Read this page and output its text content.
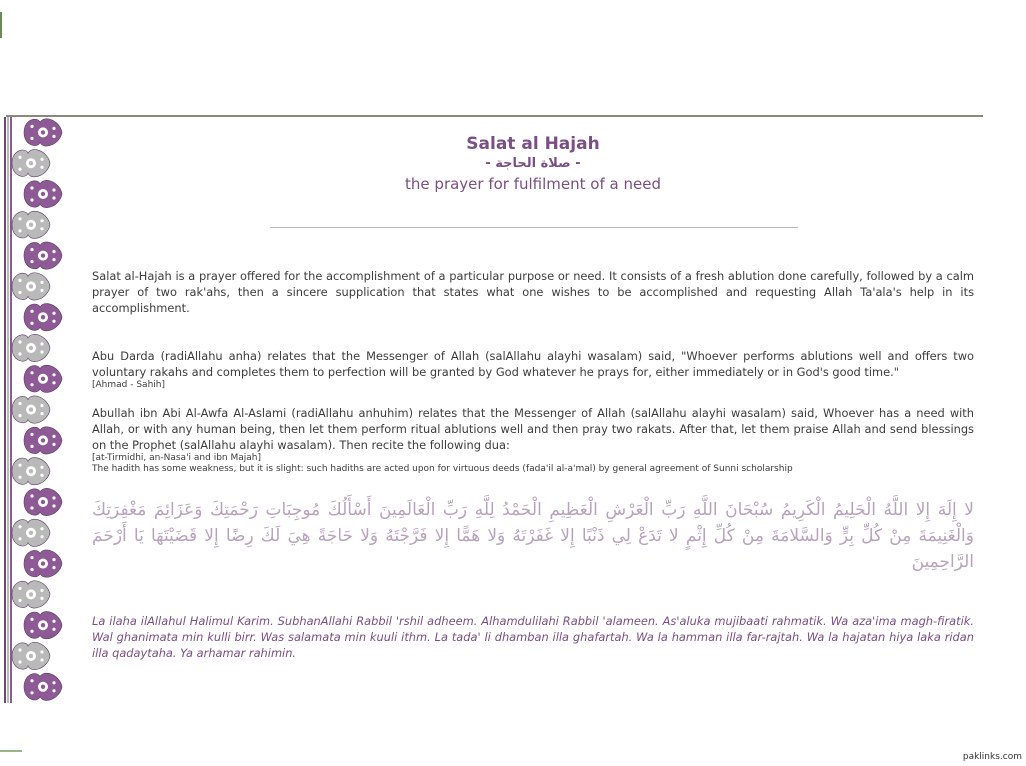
Salat al Hajah
- صلاة الحاجة -
the prayer for fulfilment of a need

Salat al-Hajah is a prayer offered for the accomplishment of a particular purpose or need. It consists of a fresh ablution done carefully, followed by a calm prayer of two rak'ahs, then a sincere supplication that states what one wishes to be accomplished and requesting Allah Ta'ala's help in its accomplishment.

Abu Darda (radiAllahu anha) relates that the Messenger of Allah (salAllahu alayhi wasalam) said, "Whoever performs ablutions well and offers two voluntary rakahs and completes them to perfection will be granted by God whatever he prays for, either immediately or in God's good time."
[Ahmad - Sahih]

Abullah ibn Abi Al-Awfa Al-Aslami (radiAllahu anhuhim) relates that the Messenger of Allah (salAllahu alayhi wasalam) said, Whoever has a need with Allah, or with any human being, then let them perform ritual ablutions well and then pray two rakats. After that, let them praise Allah and send blessings on the Prophet (salAllahu alayhi wasalam). Then recite the following dua:
[at-Tirmidhi, an-Nasa'i and ibn Majah]
The hadith has some weakness, but it is slight: such hadiths are acted upon for virtuous deeds (fada'il al-a'mal) by general agreement of Sunni scholarship

لا إِلَهَ إِلا اللَّهُ الْحَلِيمُ الْكَرِيمُ سُبْحَانَ اللَّهِ رَبِّ الْعَرْشِ الْعَظِيمِ الْحَمْدُ لِلَّهِ رَبِّ الْعَالَمِينَ أَسْأَلُكَ مُوجِبَاتِ رَحْمَتِكَ وَعَزَائِمَ مَغْفِرَتِكَ وَالْغَنِيمَةَ مِنْ كُلِّ بِرٍّ وَالسَّلامَةَ مِنْ كُلِّ إِثْمٍ لا تَدَعْ لِي ذَنْبًا إِلا غَفَرْتَهُ وَلا هَمًّا إِلا فَرَّجْتَهُ وَلا حَاجَةً هِيَ لَكَ رِضًا إِلا قَضَيْتَهَا يَا أَرْحَمَ الرَّاحِمِينَ
La ilaha ilAllahul Halimul Karim. SubhanAllahi Rabbil 'rshil adheem. Alhamdulilahi Rabbil 'alameen. As'aluka mujibaati rahmatik. Wa aza'ima magh-firatik. Wal ghanimata min kulli birr. Was salamata min kuuli ithm. La tada' li dhamban illa ghafartah. Wa la hamman illa far-rajtah. Wa la hajatan hiya laka ridan illa qadaytaha. Ya arhamar rahimin.
paklinks.com
